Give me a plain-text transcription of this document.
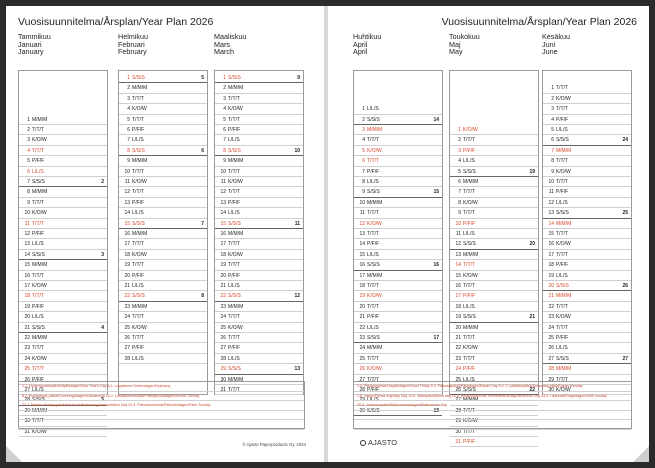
Vuosisuunnitelma/Årsplan/Year Plan 2026
Tammikuu
Januari
January
1 M/M/M
2 T/T/T
3 K/O/W
4 T/T/T
5 P/F/F
6 L/L/S
7 S/S/S	2
8 M/M/M
9 T/T/T
10 K/O/W
11 T/T/T
12 P/F/F
13 L/L/S
14 S/S/S	3
15 M/M/M
16 T/T/T
17 K/O/W
18 T/T/T
19 P/F/F
20 L/L/S
21 S/S/S	4
22 M/M/M
23 T/T/T
24 K/O/W
25 T/T/T
26 P/F/F
27 L/L/S
28 S/S/S	5
29 M/M/M
30 T/T/T
31 K/O/W
Helmikuu
Februari
February
1 S/S/S	5
2 M/M/M
3 T/T/T
4 K/O/W
5 T/T/T
6 P/F/F
7 L/L/S
8 S/S/S	6
9 M/M/M
10 T/T/T
11 K/O/W
12 T/T/T
13 P/F/F
14 L/L/S
15 S/S/S	7
16 M/M/M
17 T/T/T
18 K/O/W
19 T/T/T
20 P/F/F
21 L/L/S
22 S/S/S	8
23 M/M/M
24 T/T/T
25 K/O/W
26 T/T/T
27 P/F/F
28 L/L/S
Maaliskuu
Mars
March
1 S/S/S	9
2 M/M/M
3 T/T/T
4 K/O/W
5 T/T/T
6 P/F/F
7 L/L/S
8 S/S/S	10
9 M/M/M
10 T/T/T
11 K/O/W
12 T/T/T
13 P/F/F
14 L/L/S
15 S/S/S	11
16 M/M/M
17 T/T/T
18 K/O/W
19 T/T/T
20 P/F/F
21 L/L/S
22 S/S/S	12
23 M/M/M
24 T/T/T
25 K/O/W
26 T/T/T
27 P/F/F
28 L/L/S
29 S/S/S	13
30 M/M/M
31 T/T/T
1.1. Uudenvuodenpäivä/Nyårsdagen/New Year's Day 6.1. Loppiainen/Trettondagen/Epiphany
8.2. Runebergin päivä/Runebergsdagen/Candlemas 15.2. Laskiaissunnuntai/Fastlagssöndagen/Shrove Sunday
22.3. Marian ilmestyspäivä/Marie bebådelsedag/Annunciation Day 29.3. Palmusunnuntai/Palmsöndagen/Palm Sunday
© Ajasto Paperproducts Oy, 2024
Vuosisuunnitelma/Årsplan/Year Plan 2026
Huhtikuu
April
April
1 L/L/S
2 S/S/S	14
3 M/M/M
4 T/T/T
5 K/O/W
6 T/T/T
7 P/F/F
8 L/L/S
9 S/S/S	15
10 M/M/M
11 T/T/T
12 K/O/W
13 T/T/T
14 P/F/F
15 L/L/S
16 S/S/S	16
17 M/M/M
18 T/T/T
19 K/O/W
20 T/T/T
21 P/F/F
22 L/L/S
23 S/S/S	17
24 M/M/M
25 T/T/T
26 K/O/W
27 T/T/T
28 P/F/F
29 L/L/S
30 S/S/S	18
Toukokuu
Maj
May
1 K/O/W
2 T/T/T
3 P/F/F
4 L/L/S
5 S/S/S	19
6 M/M/M
7 T/T/T
8 K/O/W
9 T/T/T
10 P/F/F
11 L/L/S
12 S/S/S	20
13 M/M/M
14 T/T/T
15 K/O/W
16 T/T/T
17 P/F/F
18 L/L/S
19 S/S/S	21
20 M/M/M
21 T/T/T
22 K/O/W
23 T/T/T
24 P/F/F
25 L/L/S
26 S/S/S	22
27 M/M/M
28 T/T/T
29 K/O/W
30 T/T/T
31 P/F/F
Kesäkuu
Juni
June
1 T/T/T
2 K/O/W
3 T/T/T
4 P/F/F
5 L/L/S
6 S/S/S	24
7 M/M/M
8 T/T/T
9 K/O/W
10 T/T/T
11 P/F/F
12 L/L/S
13 S/S/S	25
14 M/M/M
15 T/T/T
16 K/O/W
17 T/T/T
18 P/F/F
19 L/L/S
20 S/S/S	26
21 M/M/M
22 T/T/T
23 K/O/W
24 T/T/T
25 P/F/F
26 L/L/S
27 S/S/S	27
28 M/M/M
29 T/T/T
30 K/O/W
3.4. Pitkäperjantai/Långfredagen/Good Friday 5.4. Pääsiäispäivä/Påskdagen/Easter Day 6.4. 2. pääsiäispäivä/Annandag påsk/Easter Monday
1.5. Vappu/Första maj/May Day 10.5. Äitienpäivä/Mors dag 14.5. Helatorstai/Kristi himmelsfärdsdag/Ascension Day 24.5. Helluntai/Pingstdagen/Whit Sunday
20.6. Juhannuspäivä/Midsommardagen/Midsummer Day
AJASTO
